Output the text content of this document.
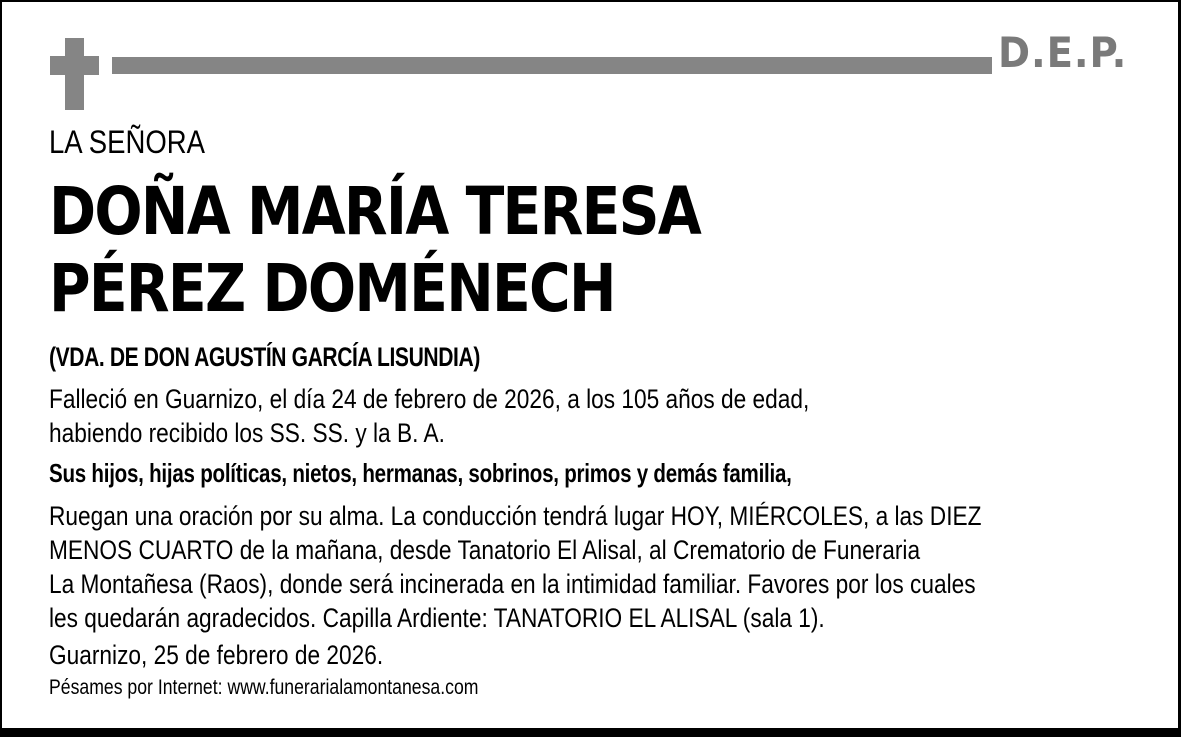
D.E.P.
LA SEÑORA
DOÑA MARÍA TERESA
PÉREZ DOMÉNECH
(VDA. DE DON AGUSTÍN GARCÍA LISUNDIA)
Falleció en Guarnizo, el día 24 de febrero de 2026, a los 105 años de edad,
habiendo recibido los SS. SS. y la B. A.
Sus hijos, hijas políticas, nietos, hermanas, sobrinos, primos y demás familia,
Ruegan una oración por su alma. La conducción tendrá lugar HOY, MIÉRCOLES, a las DIEZ
MENOS CUARTO de la mañana, desde Tanatorio El Alisal, al Crematorio de Funeraria
La Montañesa (Raos), donde será incinerada en la intimidad familiar. Favores por los cuales
les quedarán agradecidos. Capilla Ardiente: TANATORIO EL ALISAL (sala 1).
Guarnizo, 25 de febrero de 2026.
Pésames por Internet: www.funerarialamontanesa.com
